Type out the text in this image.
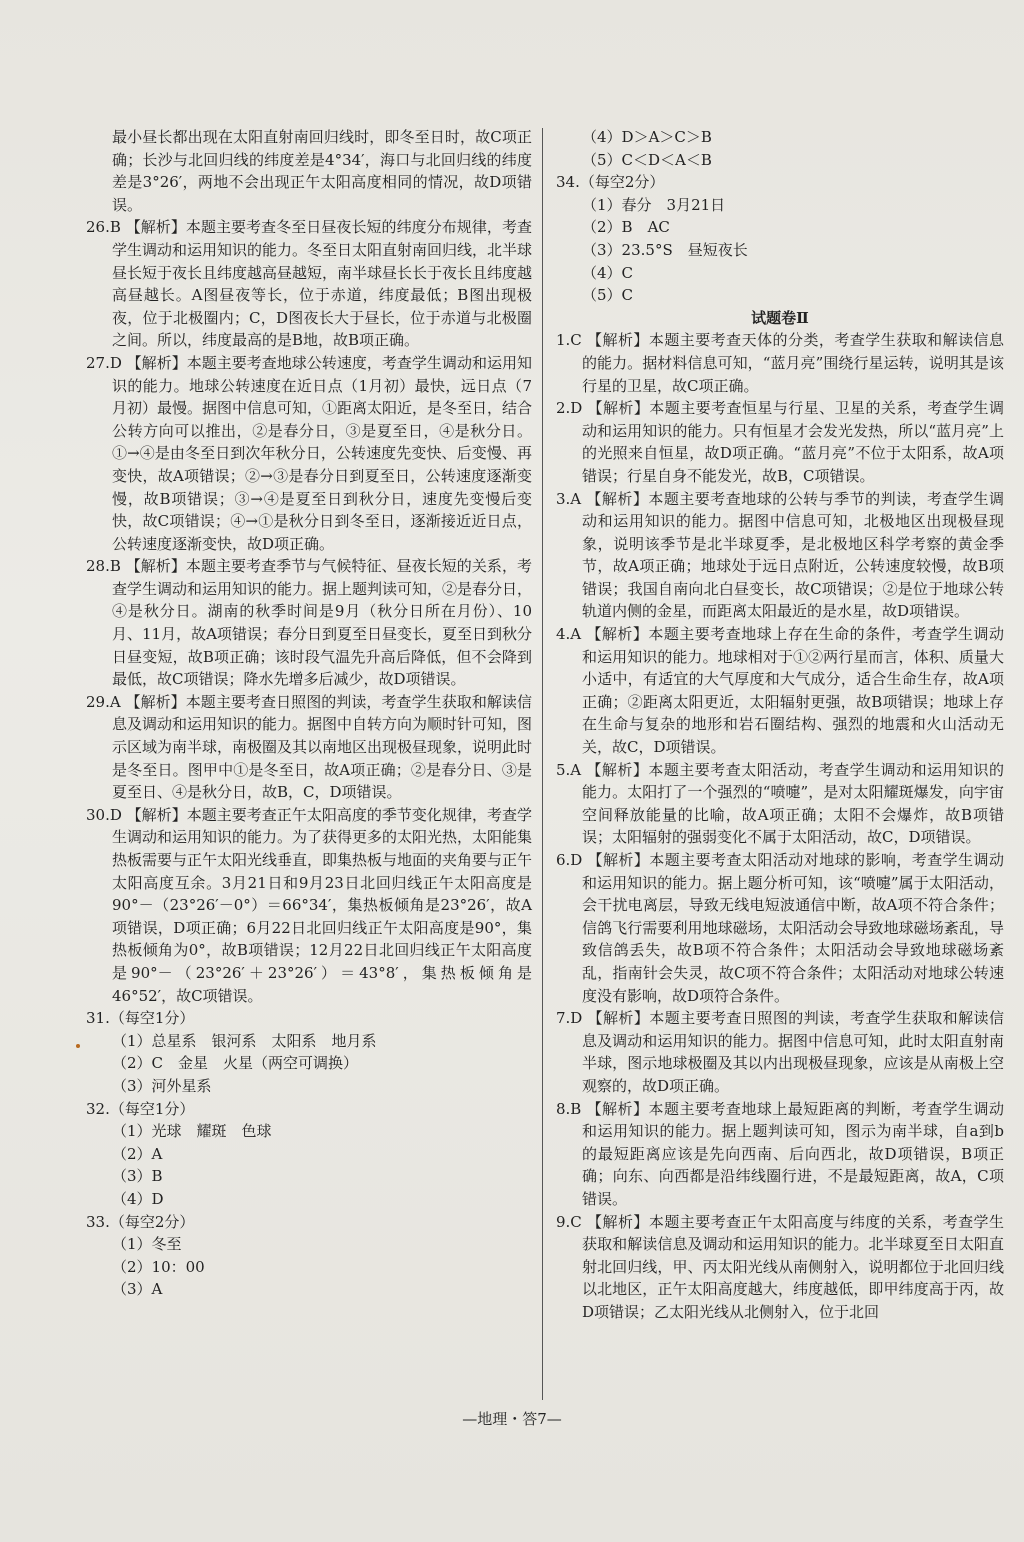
最小昼长都出现在太阳直射南回归线时，即冬至日时，故C项正确；长沙与北回归线的纬度差是4°34′，海口与北回归线的纬度差是3°26′，两地不会出现正午太阳高度相同的情况，故D项错误。

26.B 【解析】本题主要考查冬至日昼夜长短的纬度分布规律，考查学生调动和运用知识的能力。冬至日太阳直射南回归线，北半球昼长短于夜长且纬度越高昼越短，南半球昼长长于夜长且纬度越高昼越长。A图昼夜等长，位于赤道，纬度最低；B图出现极夜，位于北极圈内；C，D图夜长大于昼长，位于赤道与北极圈之间。所以，纬度最高的是B地，故B项正确。

27.D 【解析】本题主要考查地球公转速度，考查学生调动和运用知识的能力。地球公转速度在近日点（1月初）最快，远日点（7月初）最慢。据图中信息可知，①距离太阳近，是冬至日，结合公转方向可以推出，②是春分日，③是夏至日，④是秋分日。①→④是由冬至日到次年秋分日，公转速度先变快、后变慢、再变快，故A项错误；②→③是春分日到夏至日，公转速度逐渐变慢，故B项错误；③→④是夏至日到秋分日，速度先变慢后变快，故C项错误；④→①是秋分日到冬至日，逐渐接近近日点，公转速度逐渐变快，故D项正确。

28.B 【解析】本题主要考查季节与气候特征、昼夜长短的关系，考查学生调动和运用知识的能力。据上题判读可知，②是春分日，④是秋分日。湖南的秋季时间是9月（秋分日所在月份）、10月、11月，故A项错误；春分日到夏至日昼变长，夏至日到秋分日昼变短，故B项正确；该时段气温先升高后降低，但不会降到最低，故C项错误；降水先增多后减少，故D项错误。

29.A 【解析】本题主要考查日照图的判读，考查学生获取和解读信息及调动和运用知识的能力。据图中自转方向为顺时针可知，图示区域为南半球，南极圈及其以南地区出现极昼现象，说明此时是冬至日。图甲中①是冬至日，故A项正确；②是春分日、③是夏至日、④是秋分日，故B，C，D项错误。

30.D 【解析】本题主要考查正午太阳高度的季节变化规律，考查学生调动和运用知识的能力。为了获得更多的太阳光热，太阳能集热板需要与正午太阳光线垂直，即集热板与地面的夹角要与正午太阳高度互余。3月21日和9月23日北回归线正午太阳高度是90°－（23°26′－0°）＝66°34′，集热板倾角是23°26′，故A项错误，D项正确；6月22日北回归线正午太阳高度是90°，集热板倾角为0°，故B项错误；12月22日北回归线正午太阳高度是90°－（23°26′＋23°26′）＝43°8′，集热板倾角是46°52′，故C项错误。

31.（每空1分）

（1）总星系　银河系　太阳系　地月系

（2）C　金星　火星（两空可调换）

（3）河外星系

32.（每空1分）

（1）光球　耀斑　色球

（2）A

（3）B

（4）D

33.（每空2分）

（1）冬至

（2）10：00

（3）A

（4）D＞A＞C＞B

（5）C＜D＜A＜B

34.（每空2分）

（1）春分　3月21日

（2）B　AC

（3）23.5°S　昼短夜长

（4）C

（5）C

试题卷Ⅱ

1.C 【解析】本题主要考查天体的分类，考查学生获取和解读信息的能力。据材料信息可知，“蓝月亮”围绕行星运转，说明其是该行星的卫星，故C项正确。

2.D 【解析】本题主要考查恒星与行星、卫星的关系，考查学生调动和运用知识的能力。只有恒星才会发光发热，所以“蓝月亮”上的光照来自恒星，故D项正确。“蓝月亮”不位于太阳系，故A项错误；行星自身不能发光，故B，C项错误。

3.A 【解析】本题主要考查地球的公转与季节的判读，考查学生调动和运用知识的能力。据图中信息可知，北极地区出现极昼现象，说明该季节是北半球夏季，是北极地区科学考察的黄金季节，故A项正确；地球处于远日点附近，公转速度较慢，故B项错误；我国自南向北白昼变长，故C项错误；②是位于地球公转轨道内侧的金星，而距离太阳最近的是水星，故D项错误。

4.A 【解析】本题主要考查地球上存在生命的条件，考查学生调动和运用知识的能力。地球相对于①②两行星而言，体积、质量大小适中，有适宜的大气厚度和大气成分，适合生命生存，故A项正确；②距离太阳更近，太阳辐射更强，故B项错误；地球上存在生命与复杂的地形和岩石圈结构、强烈的地震和火山活动无关，故C，D项错误。

5.A 【解析】本题主要考查太阳活动，考查学生调动和运用知识的能力。太阳打了一个强烈的“喷嚏”，是对太阳耀斑爆发，向宇宙空间释放能量的比喻，故A项正确；太阳不会爆炸，故B项错误；太阳辐射的强弱变化不属于太阳活动，故C，D项错误。

6.D 【解析】本题主要考查太阳活动对地球的影响，考查学生调动和运用知识的能力。据上题分析可知，该“喷嚏”属于太阳活动，会干扰电离层，导致无线电短波通信中断，故A项不符合条件；信鸽飞行需要利用地球磁场，太阳活动会导致地球磁场紊乱，导致信鸽丢失，故B项不符合条件；太阳活动会导致地球磁场紊乱，指南针会失灵，故C项不符合条件；太阳活动对地球公转速度没有影响，故D项符合条件。

7.D 【解析】本题主要考查日照图的判读，考查学生获取和解读信息及调动和运用知识的能力。据图中信息可知，此时太阳直射南半球，图示地球极圈及其以内出现极昼现象，应该是从南极上空观察的，故D项正确。

8.B 【解析】本题主要考查地球上最短距离的判断，考查学生调动和运用知识的能力。据上题判读可知，图示为南半球，自a到b的最短距离应该是先向西南、后向西北，故D项错误，B项正确；向东、向西都是沿纬线圈行进，不是最短距离，故A，C项错误。

9.C 【解析】本题主要考查正午太阳高度与纬度的关系，考查学生获取和解读信息及调动和运用知识的能力。北半球夏至日太阳直射北回归线，甲、丙太阳光线从南侧射入，说明都位于北回归线以北地区，正午太阳高度越大，纬度越低，即甲纬度高于丙，故D项错误；乙太阳光线从北侧射入，位于北回

—地理・答7—
